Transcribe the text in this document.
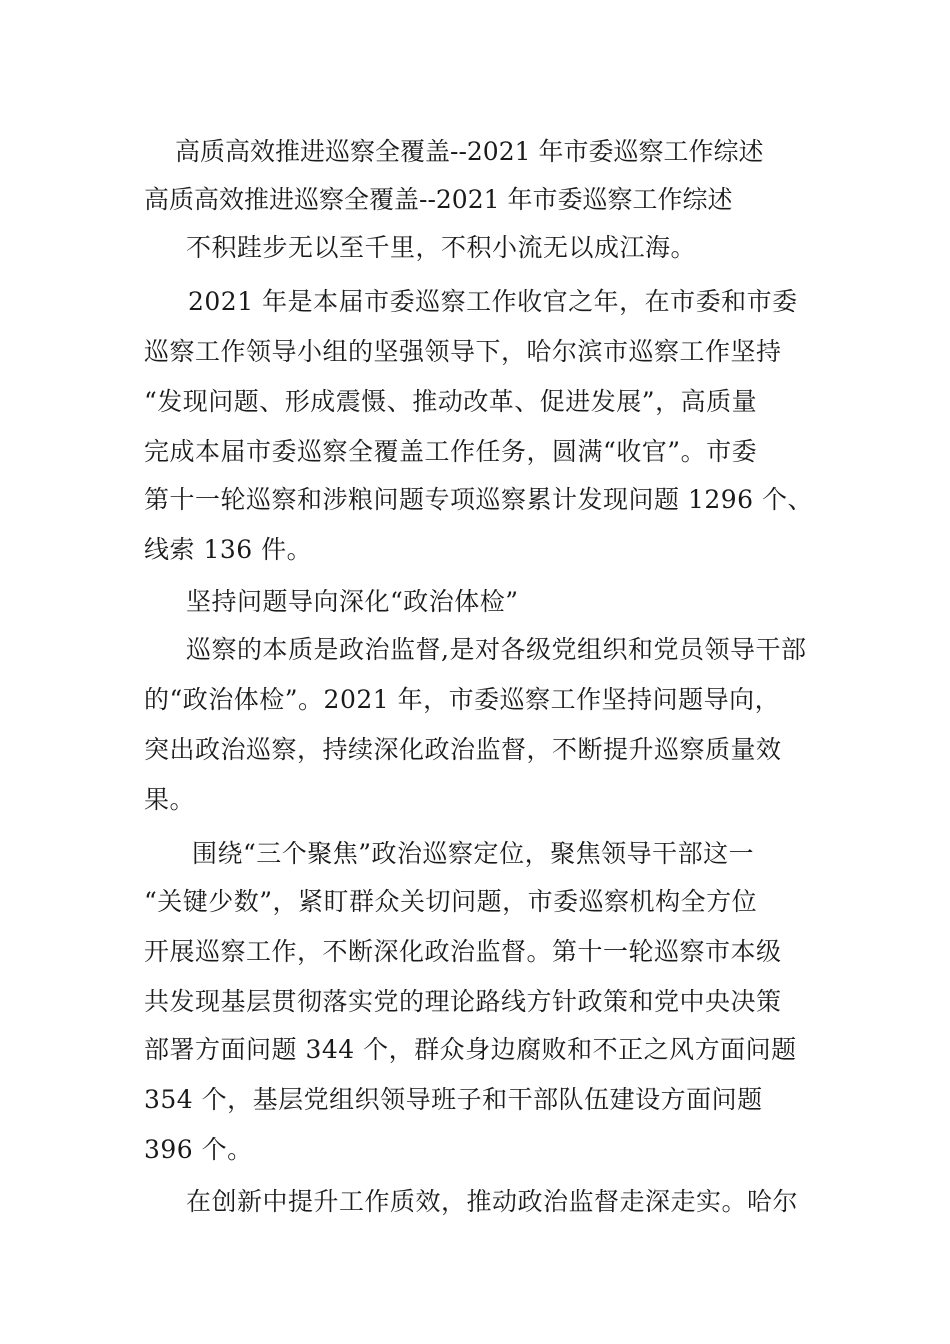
高质高效推进巡察全覆盖--2021 年市委巡察工作综述
高质高效推进巡察全覆盖--2021 年市委巡察工作综述
不积跬步无以至千里，不积小流无以成江海。
2021 年是本届市委巡察工作收官之年，在市委和市委
巡察工作领导小组的坚强领导下，哈尔滨市巡察工作坚持
“发现问题、形成震慑、推动改革、促进发展”，高质量
完成本届市委巡察全覆盖工作任务，圆满“收官”。市委
第十一轮巡察和涉粮问题专项巡察累计发现问题 1296 个、
线索 136 件。
坚持问题导向深化“政治体检”
巡察的本质是政治监督,是对各级党组织和党员领导干部
的“政治体检”。2021 年，市委巡察工作坚持问题导向，
突出政治巡察，持续深化政治监督，不断提升巡察质量效
果。
围绕“三个聚焦”政治巡察定位，聚焦领导干部这一
“关键少数”，紧盯群众关切问题，市委巡察机构全方位
开展巡察工作，不断深化政治监督。第十一轮巡察市本级
共发现基层贯彻落实党的理论路线方针政策和党中央决策
部署方面问题 344 个，群众身边腐败和不正之风方面问题
354 个，基层党组织领导班子和干部队伍建设方面问题
396 个。
在创新中提升工作质效，推动政治监督走深走实。哈尔
